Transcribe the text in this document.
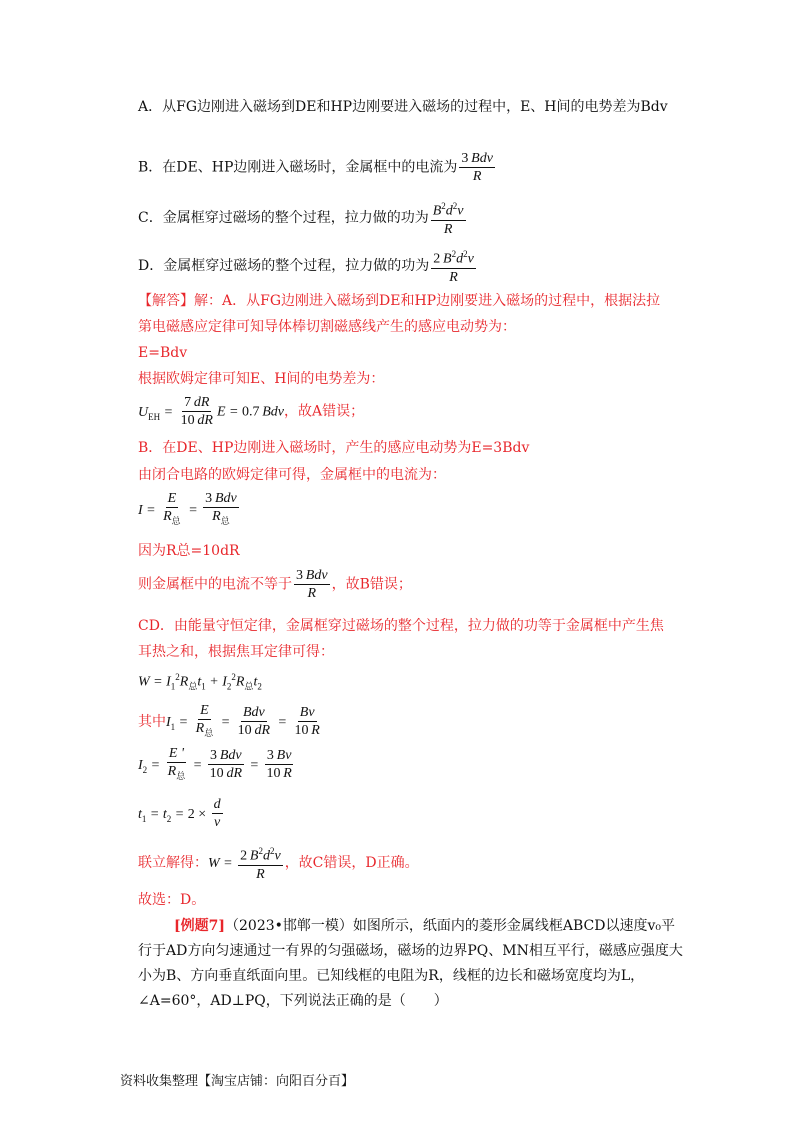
A．从FG边刚进入磁场到DE和HP边刚要进入磁场的过程中，E、H间的电势差为Bdv
B．在DE、HP边刚进入磁场时，金属框中的电流为 $\frac{\text{3 Bdv}}{R}$
C．金属框穿过磁场的整个过程，拉力做的功为 $\frac{B^2d^2v}{R}$
D．金属框穿过磁场的整个过程，拉力做的功为 $\frac{2 B^2d^2v}{R}$
【解答】解：A．从FG边刚进入磁场到DE和HP边刚要进入磁场的过程中，根据法拉
第电磁感应定律可知导体棒切割磁感线产生的感应电动势为：
E=Bdv
根据欧姆定律可知E、H间的电势差为：
$U_{EH} = \frac{7 dR}{10 dR}$ E = 0.7 Bdv，故A错误；
B．在DE、HP边刚进入磁场时，产生的感应电动势为E=3Bdv
由闭合电路的欧姆定律可得，金属框中的电流为：
$I = \frac{E}{R_总} = \frac{\text{3 Bdv}}{R_总}$
因为R总=10dR
则金属框中的电流不等于 $\frac{\text{3 Bdv}}{R}$ ，故B错误；
CD．由能量守恒定律，金属框穿过磁场的整个过程，拉力做的功等于金属框中产生焦
耳热之和，根据焦耳定律可得：
$W = I_1^2R_总t_1 + I_2^2R_总t_2$
其中$I_1 = \frac{E}{R_总} = \frac{\text{Bdv}}{10 dR} = \frac{Bv}{10 R}$
$I_2 = \frac{E '}{R_总} = \frac{\text{3 Bdv}}{10 dR} = \frac{3 Bv}{10 R}$
$t_1 = t_2 = 2 \times \frac{d}{v}$
联立解得：$W = \frac{2 B^2d^2v}{R}$ ，故C错误，D正确。
故选：D。
[例题7]（2023•邯郸一模）如图所示，纸面内的菱形金属线框ABCD以速度v₀平行于AD方向匀速通过一有界的匀强磁场，磁场的边界PQ、MN相互平行，磁感应强度大小为B、方向垂直纸面向里。已知线框的电阻为R，线框的边长和磁场宽度均为L，∠A=60°，AD⊥PQ，下列说法正确的是（　　）
资料收集整理【淘宝店铺：向阳百分百】
